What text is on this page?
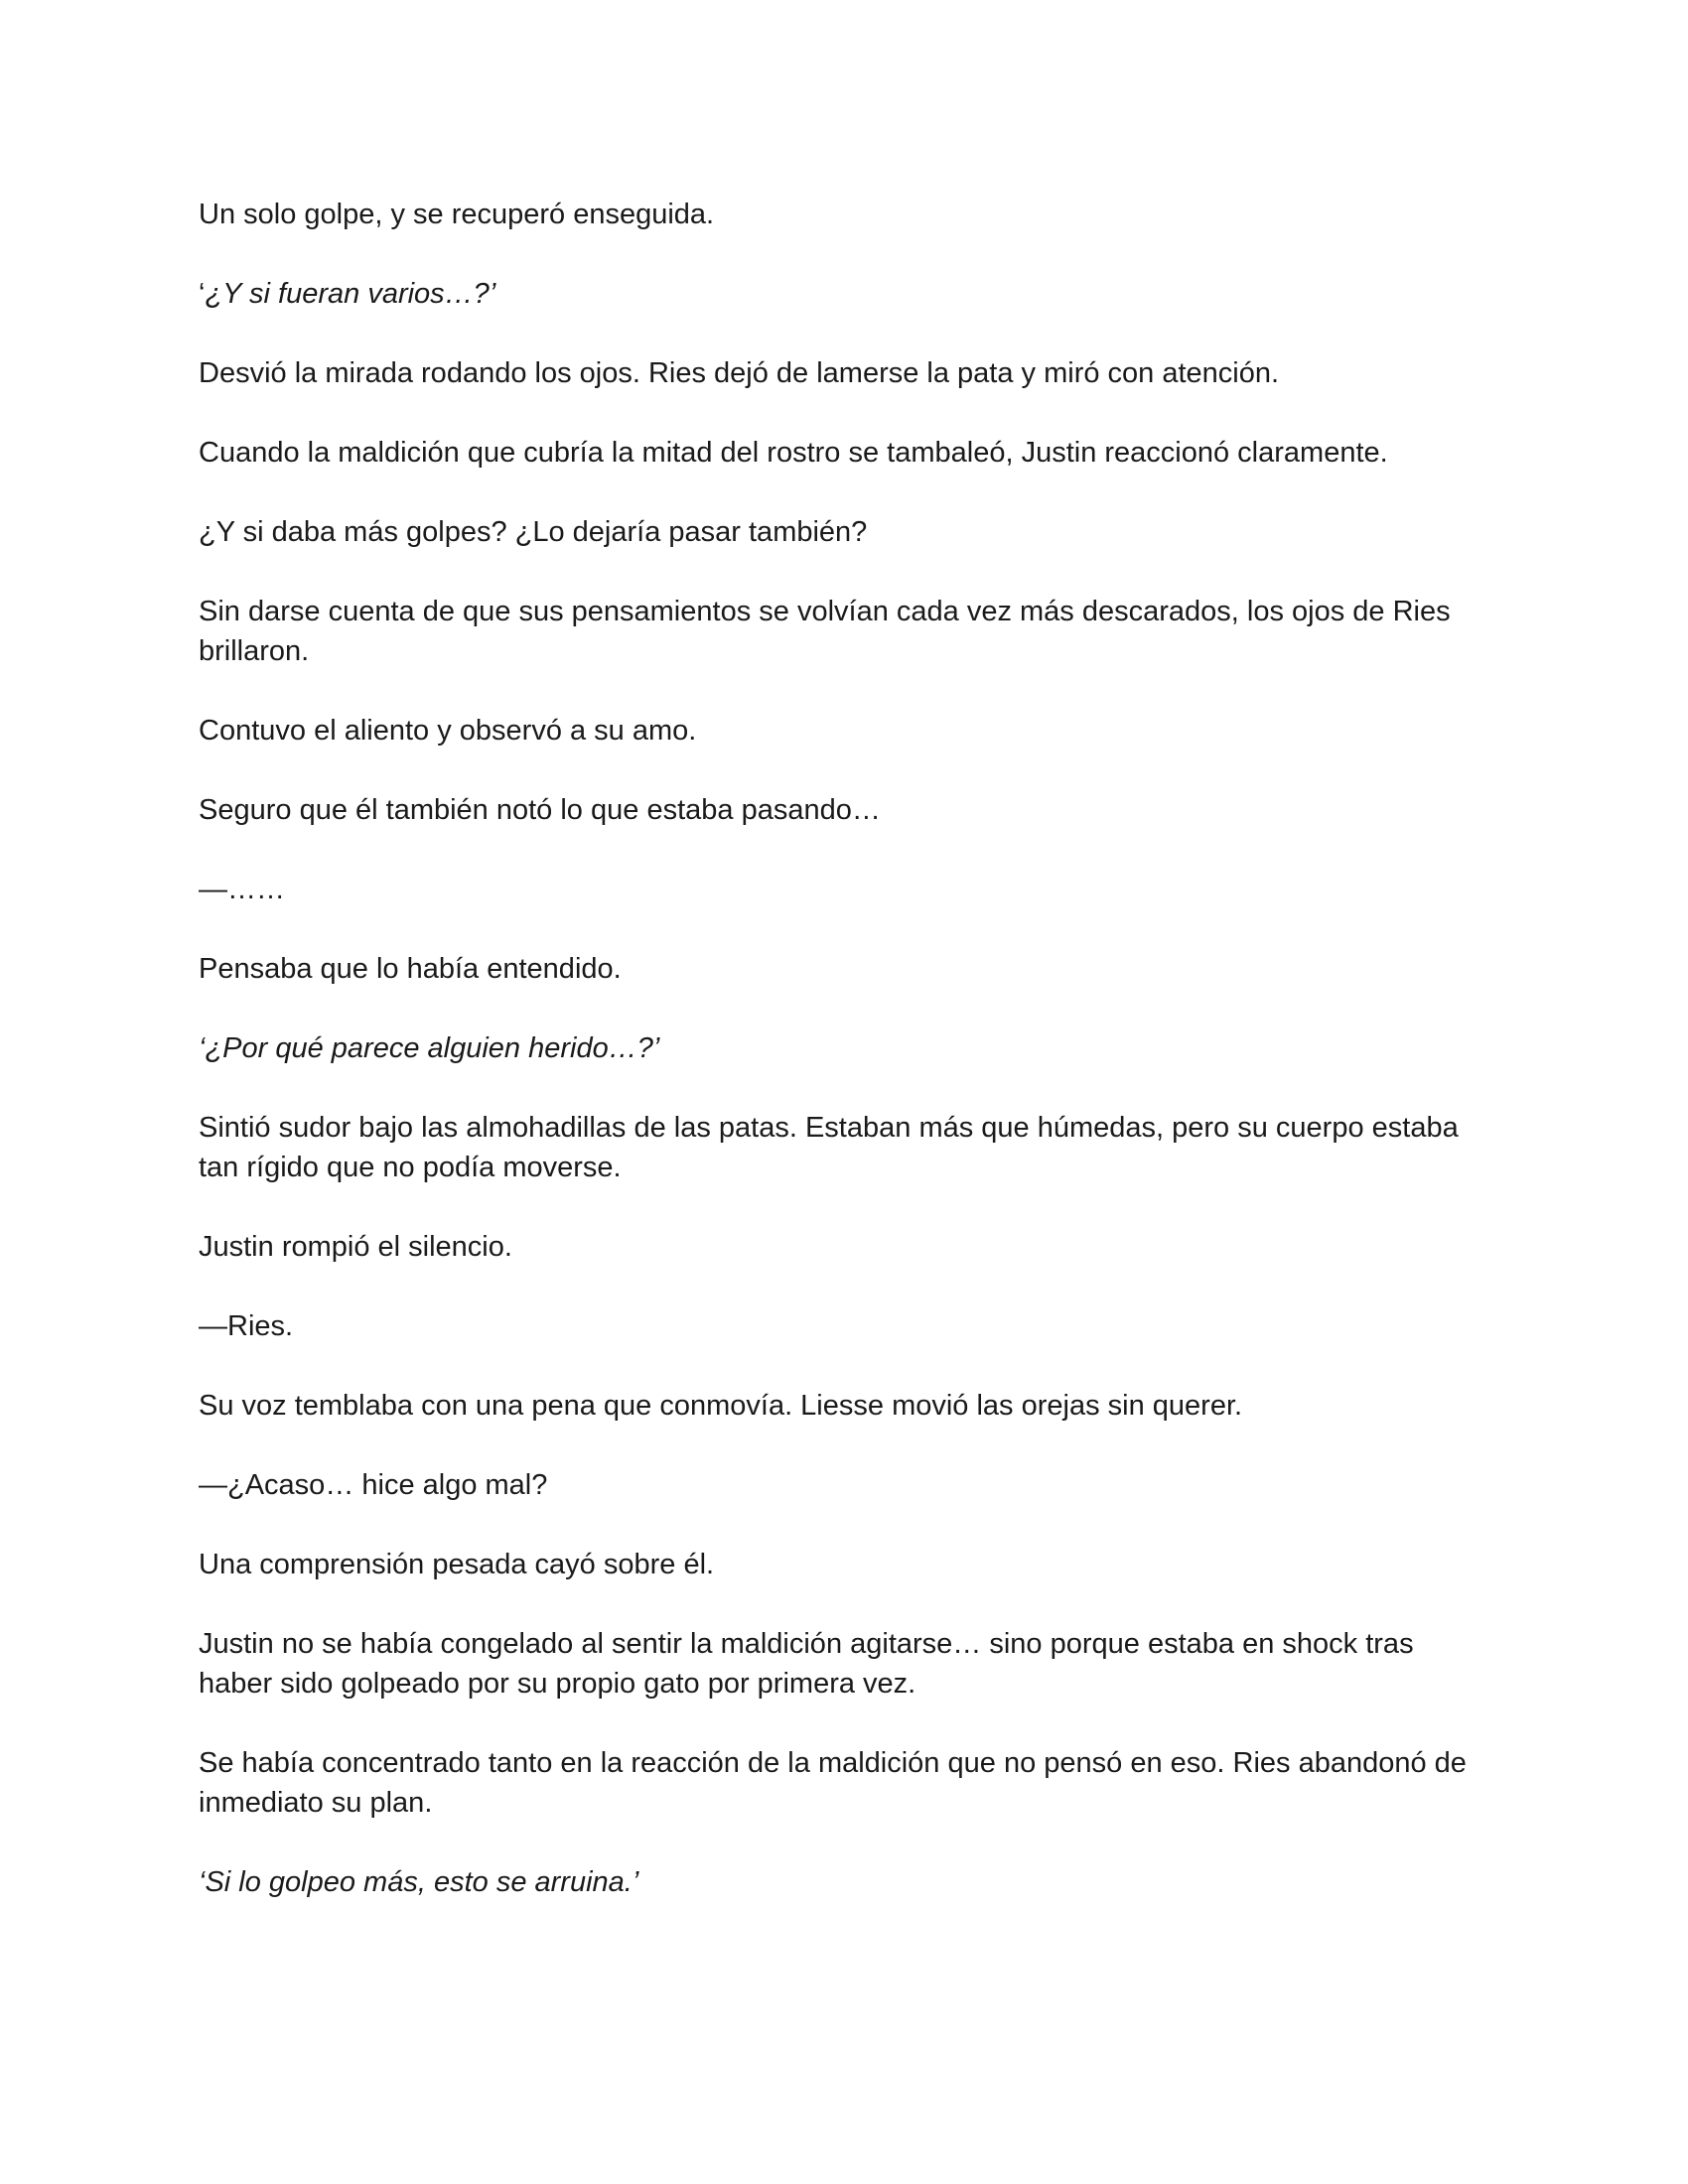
Un solo golpe, y se recuperó enseguida.

‘¿Y si fueran varios…?’

Desvió la mirada rodando los ojos. Ries dejó de lamerse la pata y miró con atención.

Cuando la maldición que cubría la mitad del rostro se tambaleó, Justin reaccionó claramente.

¿Y si daba más golpes? ¿Lo dejaría pasar también?

Sin darse cuenta de que sus pensamientos se volvían cada vez más descarados, los ojos de Ries brillaron.

Contuvo el aliento y observó a su amo.

Seguro que él también notó lo que estaba pasando…

—……

Pensaba que lo había entendido.

‘¿Por qué parece alguien herido…?’

Sintió sudor bajo las almohadillas de las patas. Estaban más que húmedas, pero su cuerpo estaba tan rígido que no podía moverse.

Justin rompió el silencio.

—Ries.

Su voz temblaba con una pena que conmovía. Liesse movió las orejas sin querer.

—¿Acaso… hice algo mal?

Una comprensión pesada cayó sobre él.

Justin no se había congelado al sentir la maldición agitarse… sino porque estaba en shock tras haber sido golpeado por su propio gato por primera vez.

Se había concentrado tanto en la reacción de la maldición que no pensó en eso. Ries abandonó de inmediato su plan.

‘Si lo golpeo más, esto se arruina.’
